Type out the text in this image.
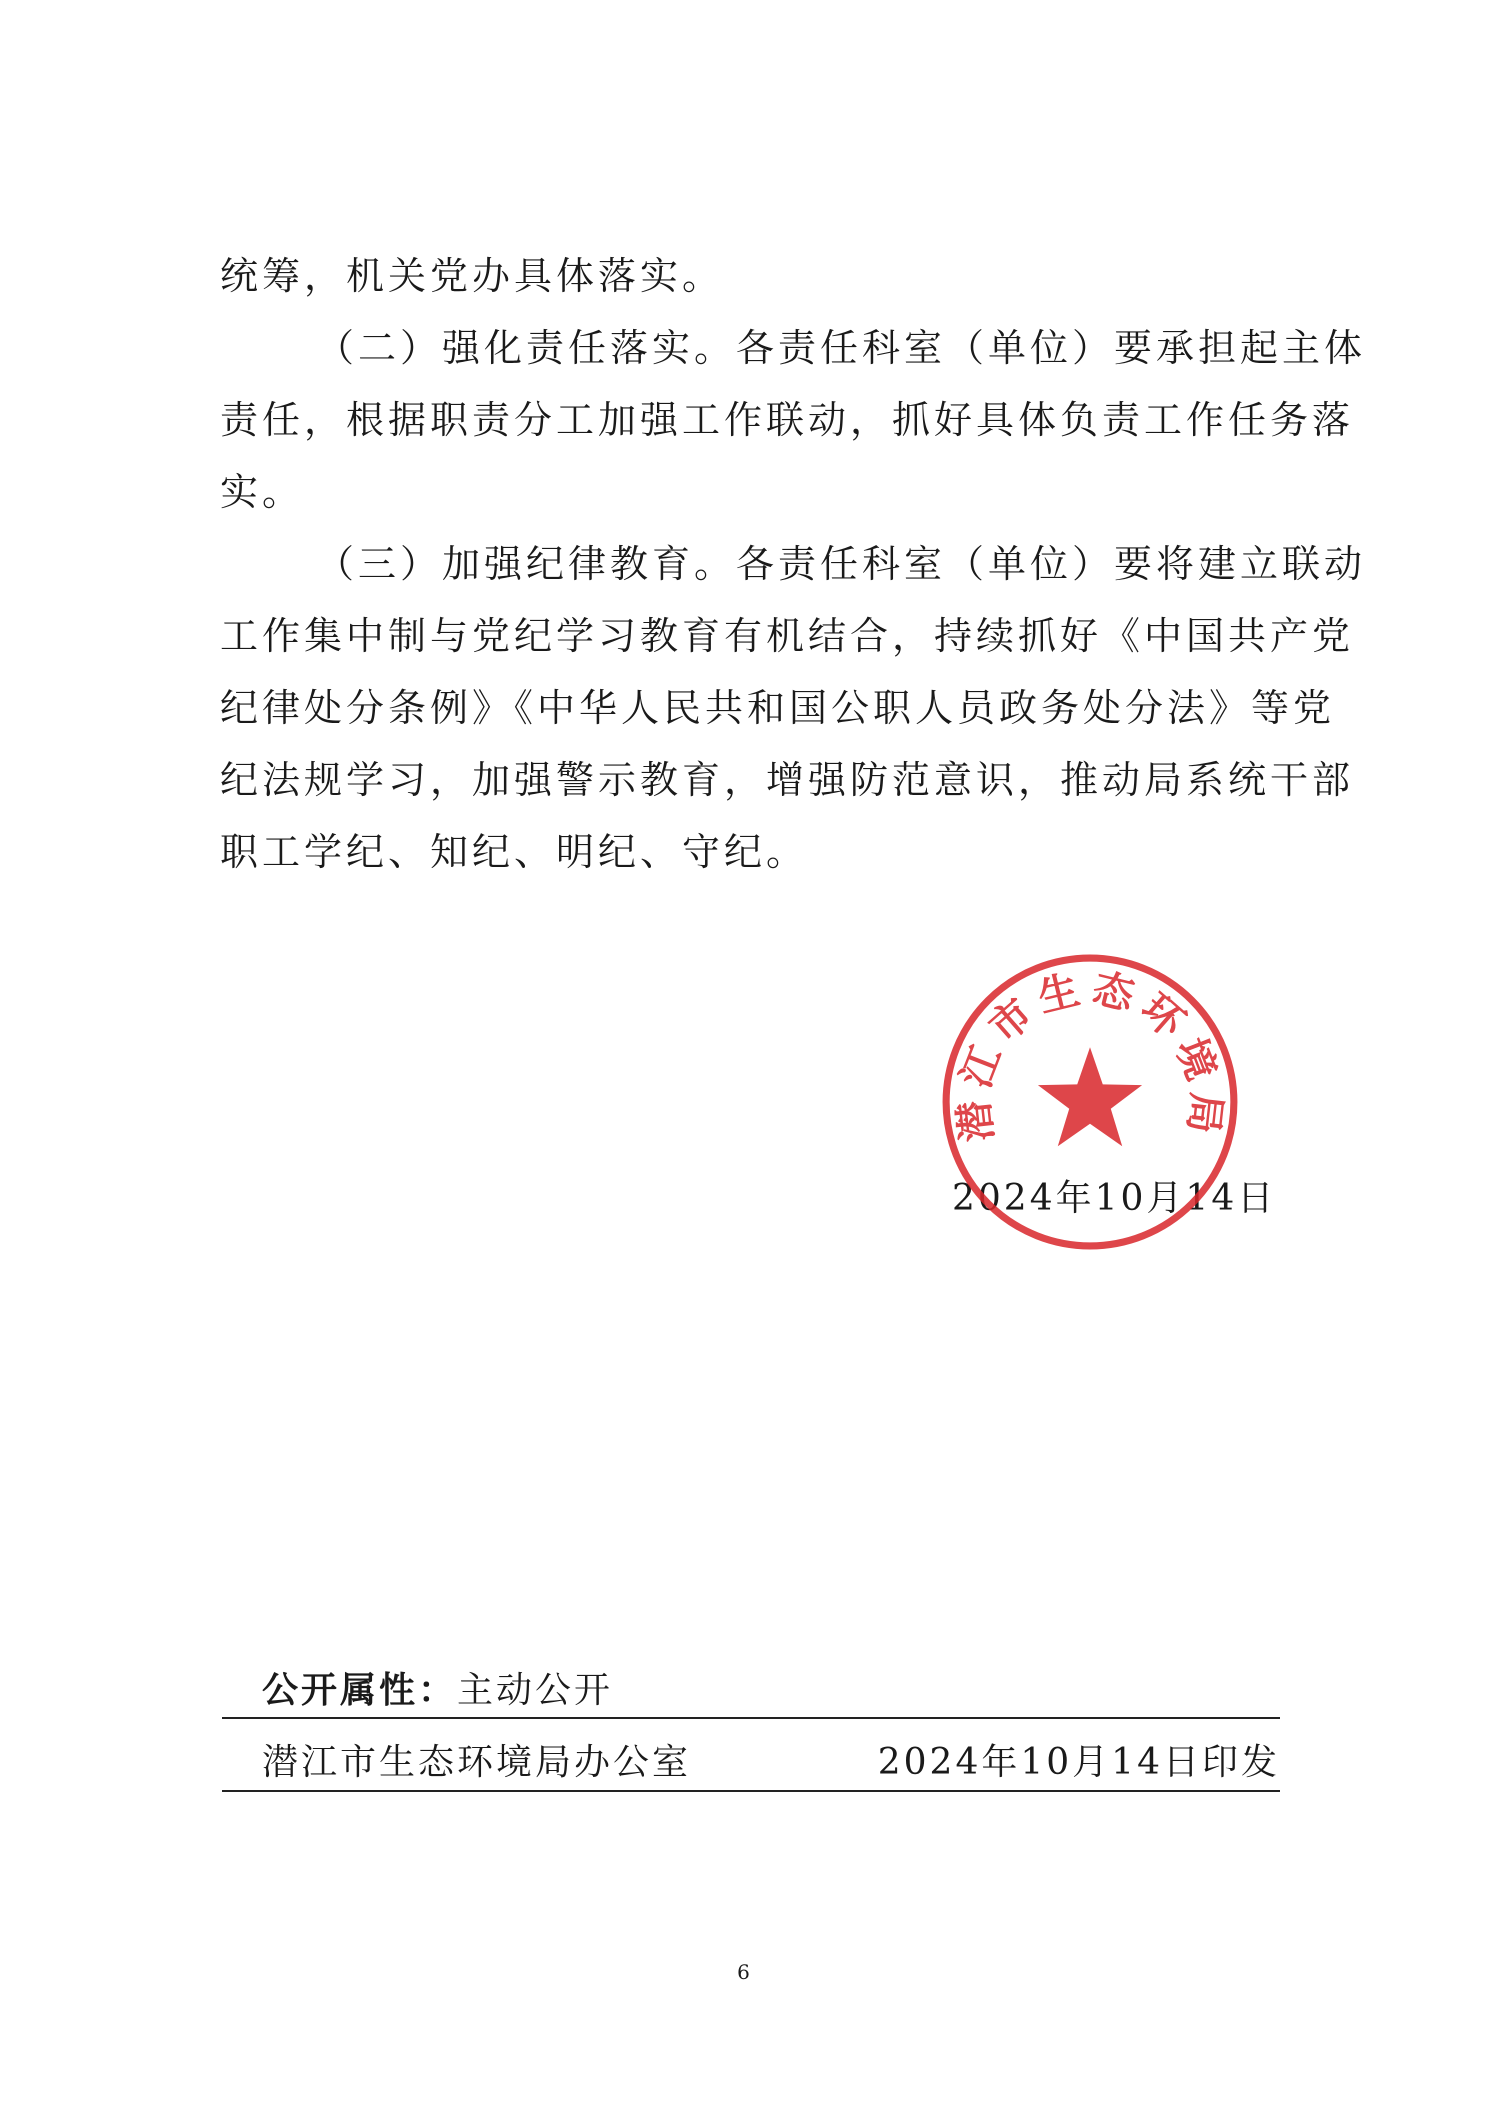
统筹，机关党办具体落实。
（二）强化责任落实。各责任科室（单位）要承担起主体
责任，根据职责分工加强工作联动，抓好具体负责工作任务落
实。
（三）加强纪律教育。各责任科室（单位）要将建立联动
工作集中制与党纪学习教育有机结合，持续抓好《中国共产党
纪律处分条例》《中华人民共和国公职人员政务处分法》等党
纪法规学习，加强警示教育，增强防范意识，推动局系统干部
职工学纪、知纪、明纪、守纪。
2024年10月14日
潜江市生态环境局
公开属性：主动公开
潜江市生态环境局办公室	2024年10月14日印发
6
